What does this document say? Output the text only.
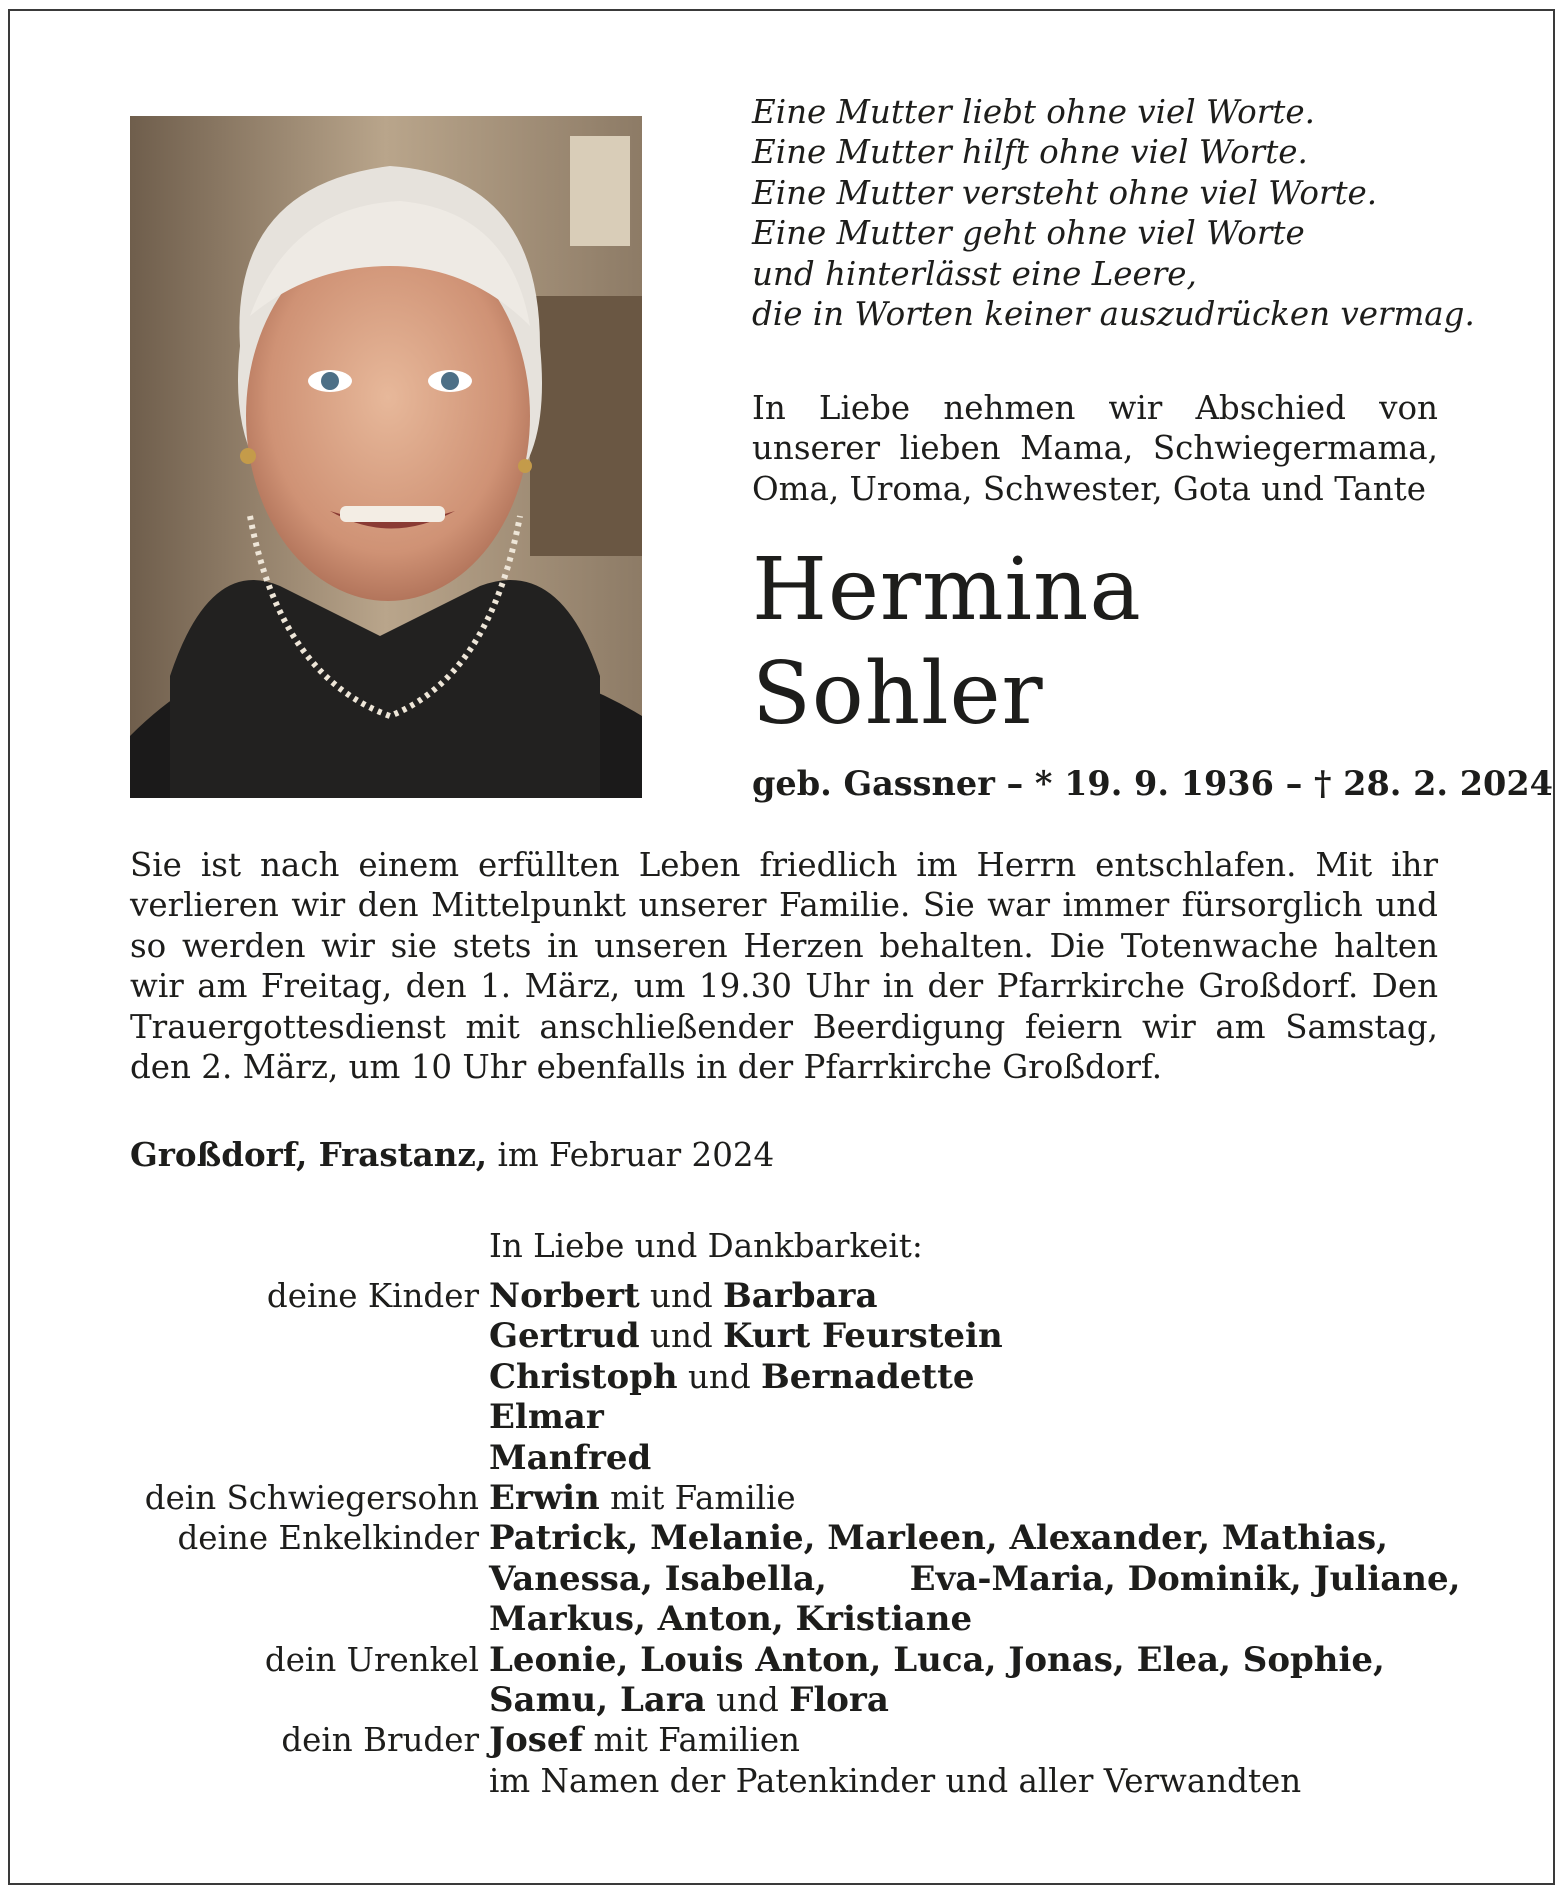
Eine Mutter liebt ohne viel Worte.
Eine Mutter hilft ohne viel Worte.
Eine Mutter versteht ohne viel Worte.
Eine Mutter geht ohne viel Worte
und hinterlässt eine Leere,
die in Worten keiner auszudrücken vermag.
In Liebe nehmen wir Abschied von unserer lieben Mama, Schwiegermama, Oma, Uroma, Schwester, Gota und Tante
Hermina
Sohler
geb. Gassner – * 19. 9. 1936 – † 28. 2. 2024
Sie ist nach einem erfüllten Leben friedlich im Herrn entschlafen. Mit ihr verlieren wir den Mittelpunkt unserer Familie. Sie war immer fürsorglich und so werden wir sie stets in unseren Herzen behalten. Die Totenwache halten wir am Freitag, den 1. März, um 19.30 Uhr in der Pfarrkirche Großdorf. Den Trauergottesdienst mit anschließender Beerdigung feiern wir am Samstag, den 2. März, um 10 Uhr ebenfalls in der Pfarrkirche Großdorf.
Großdorf, Frastanz, im Februar 2024
In Liebe und Dankbarkeit:
deine Kinder Norbert und Barbara
Gertrud und Kurt Feurstein
Christoph und Bernadette
Elmar
Manfred
dein Schwiegersohn Erwin mit Familie
deine Enkelkinder Patrick, Melanie, Marleen, Alexander, Mathias,
Vanessa, Isabella,       Eva-Maria, Dominik, Juliane,
Markus, Anton, Kristiane
dein Urenkel Leonie, Louis Anton, Luca, Jonas, Elea, Sophie,
Samu, Lara und Flora
dein Bruder Josef mit Familien
im Namen der Patenkinder und aller Verwandten
